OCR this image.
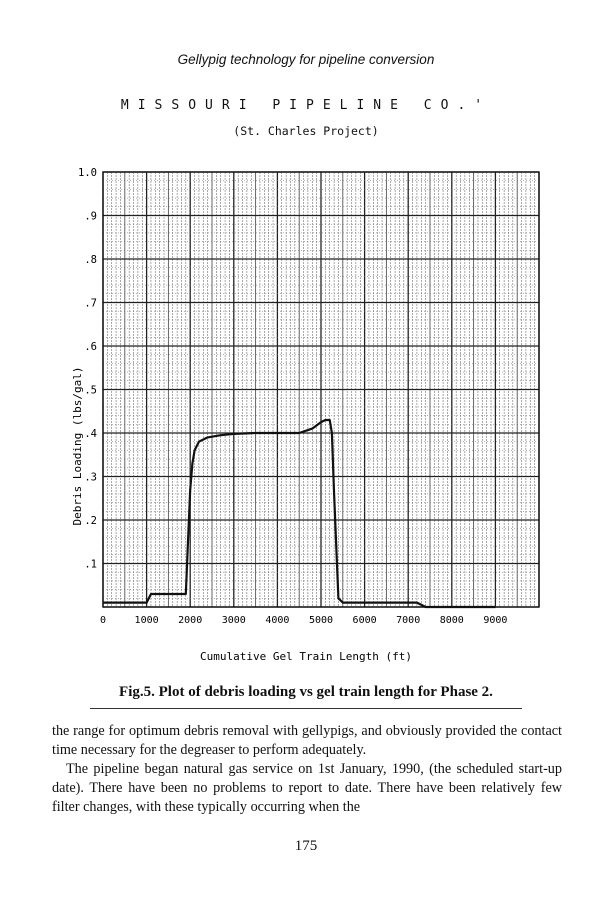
Gellypig technology for pipeline conversion
MISSOURI PIPELINE CO.'
(St. Charles Project)
0	1000 2000 3000 4000 5000 6000 7000 8000 9000
.1
.2
.3
.4
.5
.6
.7
.8
.9
1.0
Cumulative Gel Train Length (ft)
Debris Loading (lbs/gal)
Fig.5. Plot of debris loading vs gel train length for Phase 2.

the range for optimum debris removal with gellypigs, and obviously provided the contact time necessary for the degreaser to perform adequately.

The pipeline began natural gas service on 1st January, 1990, (the scheduled start-up date). There have been no problems to report to date. There have been relatively few filter changes, with these typically occurring when the

175
